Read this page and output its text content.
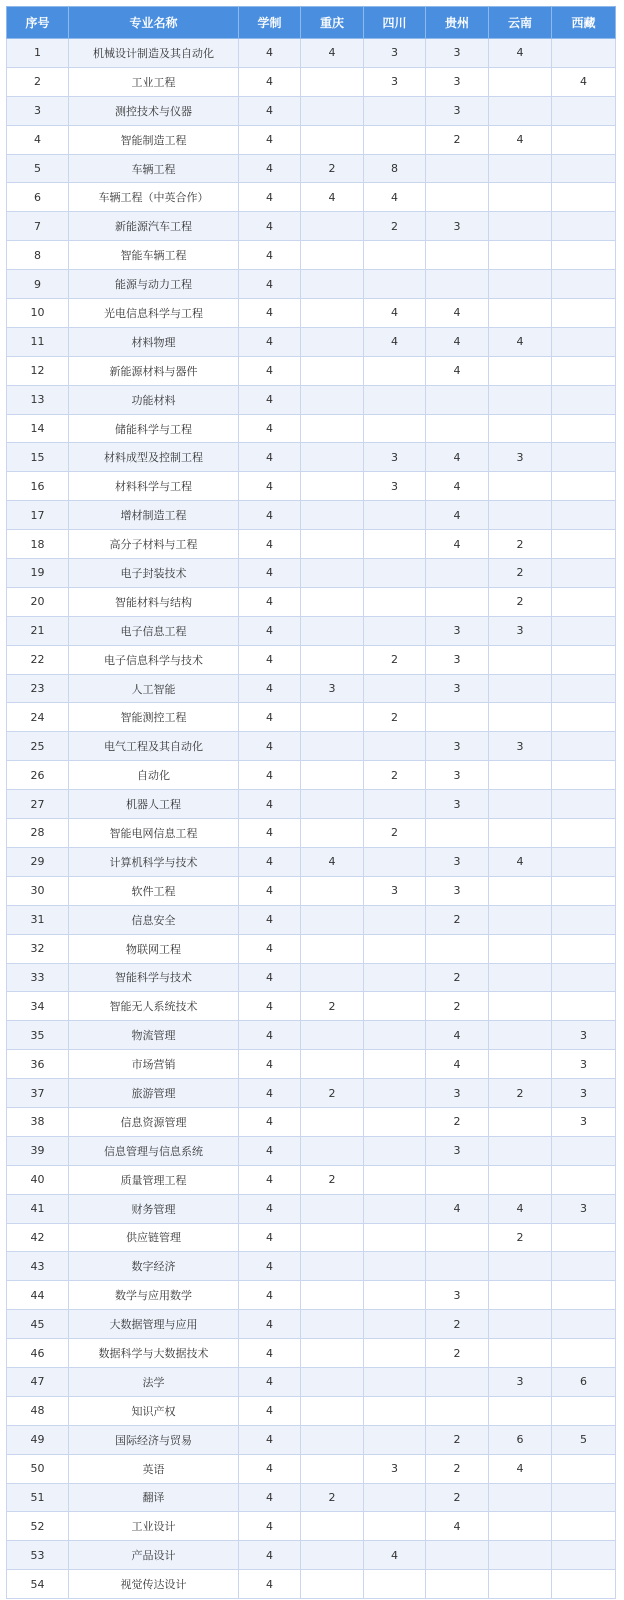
序号	专业名称	学制	重庆	四川	贵州	云南	西藏
1	机械设计制造及其自动化	4	4	3	3	4	
2	工业工程	4		3	3		4
3	测控技术与仪器	4			3		
4	智能制造工程	4			2	4	
5	车辆工程	4	2	8			
6	车辆工程（中英合作）	4	4	4			
7	新能源汽车工程	4		2	3		
8	智能车辆工程	4					
9	能源与动力工程	4					
10	光电信息科学与工程	4		4	4		
11	材料物理	4		4	4	4	
12	新能源材料与器件	4			4		
13	功能材料	4					
14	储能科学与工程	4					
15	材料成型及控制工程	4		3	4	3	
16	材料科学与工程	4		3	4		
17	增材制造工程	4			4		
18	高分子材料与工程	4			4	2	
19	电子封装技术	4				2	
20	智能材料与结构	4				2	
21	电子信息工程	4			3	3	
22	电子信息科学与技术	4		2	3		
23	人工智能	4	3		3		
24	智能测控工程	4		2			
25	电气工程及其自动化	4			3	3	
26	自动化	4		2	3		
27	机器人工程	4			3		
28	智能电网信息工程	4		2			
29	计算机科学与技术	4	4		3	4	
30	软件工程	4		3	3		
31	信息安全	4			2		
32	物联网工程	4					
33	智能科学与技术	4			2		
34	智能无人系统技术	4	2		2		
35	物流管理	4			4		3
36	市场营销	4			4		3
37	旅游管理	4	2		3	2	3
38	信息资源管理	4			2		3
39	信息管理与信息系统	4			3		
40	质量管理工程	4	2				
41	财务管理	4			4	4	3
42	供应链管理	4				2	
43	数字经济	4					
44	数学与应用数学	4			3		
45	大数据管理与应用	4			2		
46	数据科学与大数据技术	4			2		
47	法学	4				3	6
48	知识产权	4					
49	国际经济与贸易	4			2	6	5
50	英语	4		3	2	4	
51	翻译	4	2		2		
52	工业设计	4			4		
53	产品设计	4		4			
54	视觉传达设计	4					
